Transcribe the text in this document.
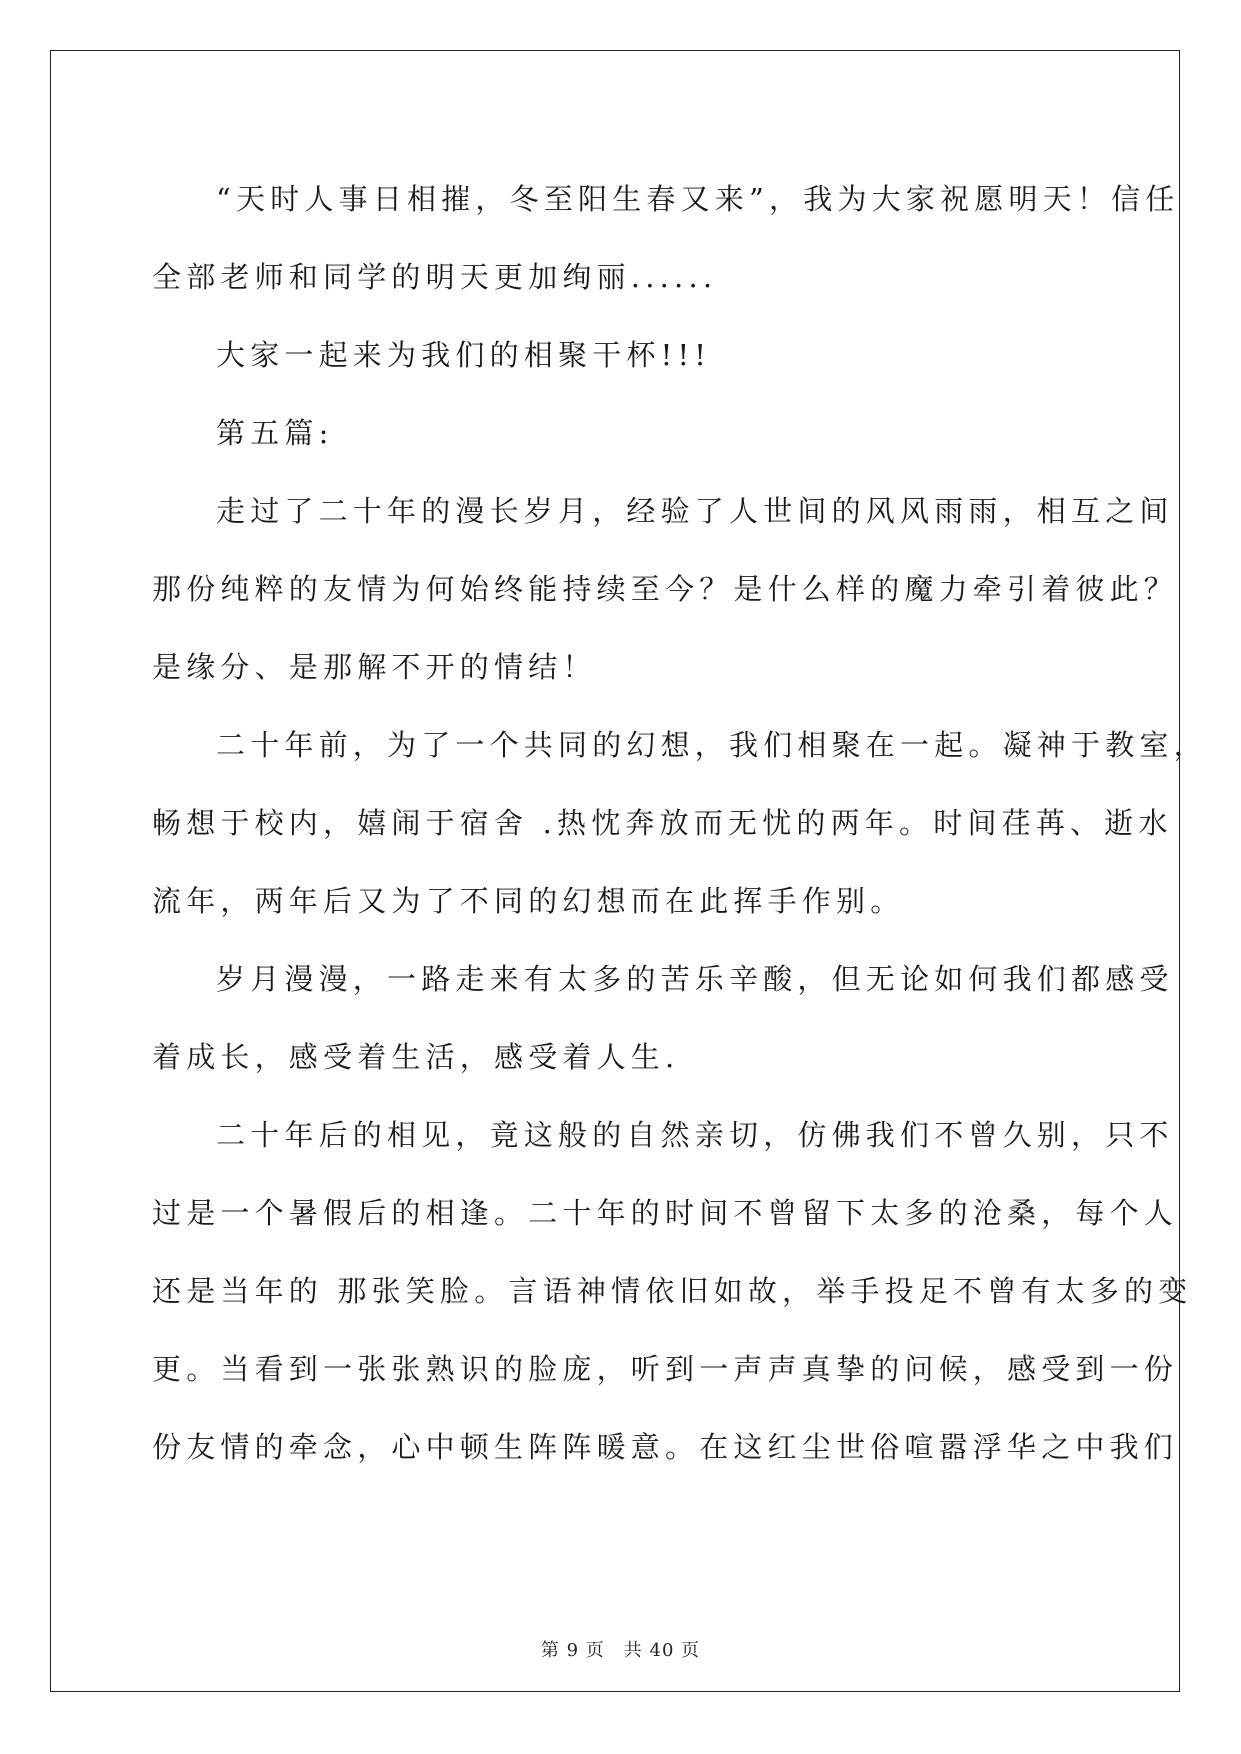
“天时人事日相摧，冬至阳生春又来”，我为大家祝愿明天！信任
全部老师和同学的明天更加绚丽......
大家一起来为我们的相聚干杯!!!
第五篇:
走过了二十年的漫长岁月，经验了人世间的风风雨雨，相互之间
那份纯粹的友情为何始终能持续至今？是什么样的魔力牵引着彼此？
是缘分、是那解不开的情结！
二十年前，为了一个共同的幻想，我们相聚在一起。凝神于教室，
畅想于校内，嬉闹于宿舍 .热忱奔放而无忧的两年。时间荏苒、逝水
流年，两年后又为了不同的幻想而在此挥手作别。
岁月漫漫，一路走来有太多的苦乐辛酸，但无论如何我们都感受
着成长，感受着生活，感受着人生.
二十年后的相见，竟这般的自然亲切，仿佛我们不曾久别，只不
过是一个暑假后的相逢。二十年的时间不曾留下太多的沧桑，每个人
还是当年的 那张笑脸。言语神情依旧如故，举手投足不曾有太多的变
更。当看到一张张熟识的脸庞，听到一声声真挚的问候，感受到一份
份友情的牵念，心中顿生阵阵暖意。在这红尘世俗喧嚣浮华之中我们
第 9 页　共 40 页
